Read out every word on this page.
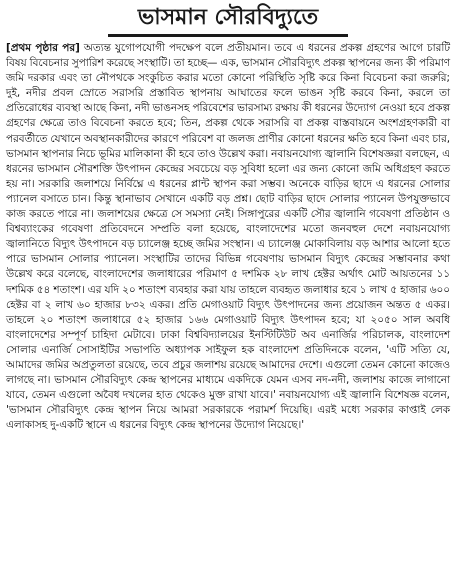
ভাসমান সৌরবিদ্যুতে
[প্রথম পৃষ্ঠার পর] অত্যন্ত যুগোপযোগী পদক্ষেপ বলে প্রতীয়মান। তবে এ ধরনের প্রকল্প গ্রহণের আগে চারটি বিষয় বিবেচনার সুপারিশ করেছে সংস্থাটি। তা হচ্ছে— এক, ভাসমান সৌরবিদ্যুৎ প্রকল্প স্থাপনের জন্য কী পরিমাণ জমি দরকার এবং তা নৌপথকে সংকুচিত করার মতো কোনো পরিস্থিতি সৃষ্টি করে কিনা বিবেচনা করা জরুরি; দুই, নদীর প্রবল স্রোতে সরাসরি প্রস্তাবিত স্থাপনায় আঘাতের ফলে ভাঙন সৃষ্টি করবে কিনা, করলে তা প্রতিরোধের ব্যবস্থা আছে কিনা, নদী ভাঙনসহ পরিবেশের ভারসাম্য রক্ষায় কী ধরনের উদ্যোগ নেওয়া হবে প্রকল্প গ্রহণের ক্ষেত্রে তাও বিবেচনা করতে হবে; তিন, প্রকল্প থেকে সরাসরি বা প্রকল্প বাস্তবায়নে অংশগ্রহণকারী বা পরবর্তীতে যেখানে অবস্থানকারীদের কারণে পরিবেশ বা জলজ প্রাণীর কোনো ধরনের ক্ষতি হবে কিনা এবং চার, ভাসমান স্থাপনার নিচে ভূমির মালিকানা কী হবে তাও উল্লেখ করা। নবায়নযোগ্য জ্বালানি বিশেষজ্ঞরা বলছেন, এ ধরনের ভাসমান সৌরশক্তি উৎপাদন কেন্দ্রের সবচেয়ে বড় সুবিধা হলো এর জন্য কোনো জমি অধিগ্রহণ করতে হয় না। সরকারি জলাশয়ে নির্বিঘ্নে এ ধরনের প্লান্ট স্থাপন করা সম্ভব। অনেকে বাড়ির ছাদে এ ধরনের সোলার প্যানেল বসাতে চান। কিন্তু স্থানাভাব সেখানে একটি বড় প্রশ্ন। ছোট বাড়ির ছাদে সোলার প্যানেল উপযুক্তভাবে কাজ করতে পারে না। জলাশয়ের ক্ষেত্রে সে সমস্যা নেই। সিঙ্গাপুরের একটি সৌর জ্বালানি গবেষণা প্রতিষ্ঠান ও বিশ্বব্যাংকের গবেষণা প্রতিবেদনে সম্প্রতি বলা হয়েছে, বাংলাদেশের মতো জনবহুল দেশে নবায়নযোগ্য জ্বালানিতে বিদ্যুৎ উৎপাদনে বড় চ্যালেঞ্জ হচ্ছে জমির সংস্থান। এ চ্যালেঞ্জ মোকাবিলায় বড় আশার আলো হতে পারে ভাসমান সোলার প্যানেল। সংস্থাটির তাদের বিভিন্ন গবেষণায় ভাসমান বিদ্যুৎ কেন্দ্রের সম্ভাবনার কথা উল্লেখ করে বলেছে, বাংলাদেশের জলাধারের পরিমাণ ৫ দশমিক ২৮ লাখ হেক্টর অর্থাৎ মোট আয়তনের ১১ দশমিক ৫৪ শতাংশ। এর যদি ২০ শতাংশ ব্যবহার করা যায় তাহলে ব্যবহৃত জলাধার হবে ১ লাখ ৫ হাজার ৬০০ হেক্টর বা ২ লাখ ৬০ হাজার ৮৩২ একর। প্রতি মেগাওয়াট বিদ্যুৎ উৎপাদনের জন্য প্রয়োজন অন্তত ৫ একর। তাহলে ২০ শতাংশ জলাধারে ৫২ হাজার ১৬৬ মেগাওয়াট বিদ্যুৎ উৎপাদন হবে; যা ২০৫০ সাল অবধি বাংলাদেশের সম্পূর্ণ চাহিদা মেটাবে। ঢাকা বিশ্ববিদ্যালয়ের ইনস্টিটিউট অব এনার্জির পরিচালক, বাংলাদেশ সোলার এনার্জি সোসাইটির সভাপতি অধ্যাপক সাইফুল হক বাংলাদেশ প্রতিদিনকে বলেন, 'এটি সত্যি যে, আমাদের জমির অপ্রতুলতা রয়েছে, তবে প্রচুর জলাশয় রয়েছে আমাদের দেশে। এগুলো তেমন কোনো কাজেও লাগছে না। ভাসমান সৌরবিদ্যুৎ কেন্দ্র স্থাপনের মাধ্যমে একদিকে যেমন এসব নদ-নদী, জলাশয় কাজে লাগানো যাবে, তেমন এগুলো অবৈধ দখলের হাত থেকেও মুক্ত রাখা যাবে।' নবায়নযোগ্য এই জ্বালানি বিশেষজ্ঞ বলেন, 'ভাসমান সৌরবিদ্যুৎ কেন্দ্র স্থাপন নিয়ে আমরা সরকারকে পরামর্শ দিয়েছি। এরই মধ্যে সরকার কাপ্তাই লেক এলাকাসহ দু-একটি স্থানে এ ধরনের বিদ্যুৎ কেন্দ্র স্থাপনের উদ্যোগ নিয়েছে।'
